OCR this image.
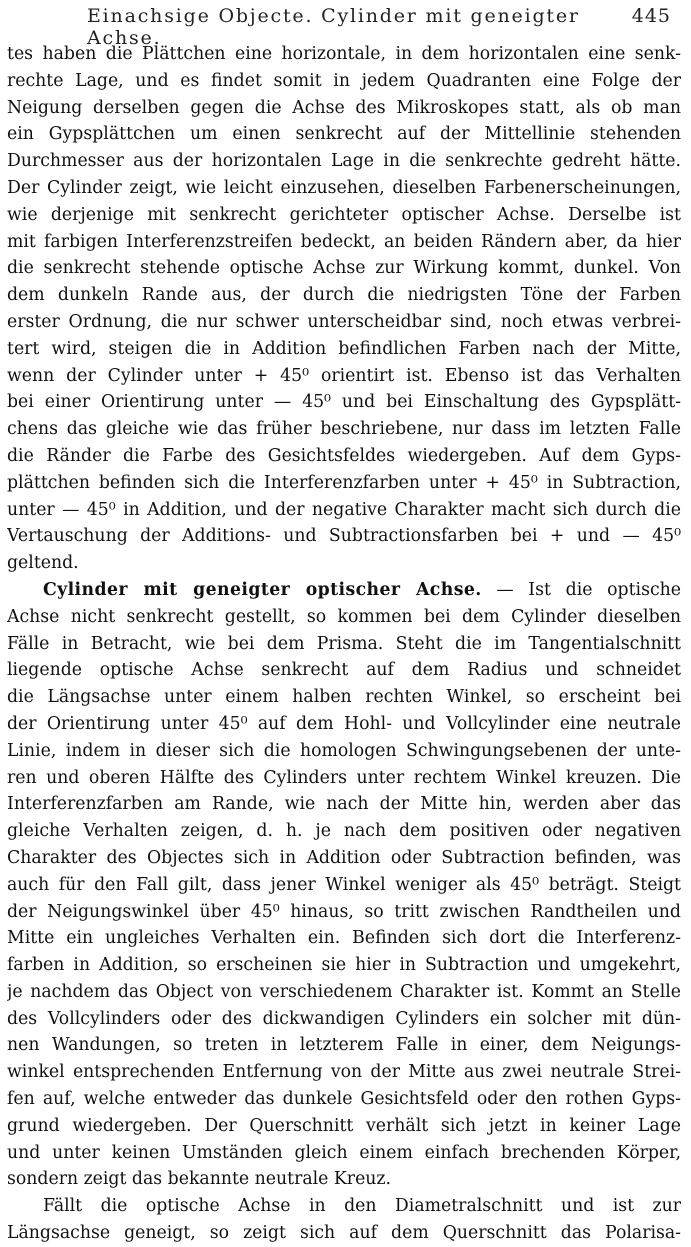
Einachsige Objecte. Cylinder mit geneigter Achse.
445

tes haben die Plättchen eine horizontale, in dem horizontalen eine senk-
rechte Lage, und es findet somit in jedem Quadranten eine Folge der
Neigung derselben gegen die Achse des Mikroskopes statt, als ob man
ein Gypsplättchen um einen senkrecht auf der Mittellinie stehenden
Durchmesser aus der horizontalen Lage in die senkrechte gedreht hätte.
Der Cylinder zeigt, wie leicht einzusehen, dieselben Farbenerscheinungen,
wie derjenige mit senkrecht gerichteter optischer Achse. Derselbe ist
mit farbigen Interferenzstreifen bedeckt, an beiden Rändern aber, da hier
die senkrecht stehende optische Achse zur Wirkung kommt, dunkel. Von
dem dunkeln Rande aus, der durch die niedrigsten Töne der Farben
erster Ordnung, die nur schwer unterscheidbar sind, noch etwas verbrei-
tert wird, steigen die in Addition befindlichen Farben nach der Mitte,
wenn der Cylinder unter + 45⁰ orientirt ist. Ebenso ist das Verhalten
bei einer Orientirung unter — 45⁰ und bei Einschaltung des Gypsplätt-
chens das gleiche wie das früher beschriebene, nur dass im letzten Falle
die Ränder die Farbe des Gesichtsfeldes wiedergeben. Auf dem Gyps-
plättchen befinden sich die Interferenzfarben unter + 45⁰ in Subtraction,
unter — 45⁰ in Addition, und der negative Charakter macht sich durch die
Vertauschung der Additions- und Subtractionsfarben bei + und — 45⁰
geltend.

Cylinder mit geneigter optischer Achse. — Ist die optische
Achse nicht senkrecht gestellt, so kommen bei dem Cylinder dieselben
Fälle in Betracht, wie bei dem Prisma. Steht die im Tangentialschnitt
liegende optische Achse senkrecht auf dem Radius und schneidet
die Längsachse unter einem halben rechten Winkel, so erscheint bei
der Orientirung unter 45⁰ auf dem Hohl- und Vollcylinder eine neutrale
Linie, indem in dieser sich die homologen Schwingungsebenen der unte-
ren und oberen Hälfte des Cylinders unter rechtem Winkel kreuzen. Die
Interferenzfarben am Rande, wie nach der Mitte hin, werden aber das
gleiche Verhalten zeigen, d. h. je nach dem positiven oder negativen
Charakter des Objectes sich in Addition oder Subtraction befinden, was
auch für den Fall gilt, dass jener Winkel weniger als 45⁰ beträgt. Steigt
der Neigungswinkel über 45⁰ hinaus, so tritt zwischen Randtheilen und
Mitte ein ungleiches Verhalten ein. Befinden sich dort die Interferenz-
farben in Addition, so erscheinen sie hier in Subtraction und umgekehrt,
je nachdem das Object von verschiedenem Charakter ist. Kommt an Stelle
des Vollcylinders oder des dickwandigen Cylinders ein solcher mit dün-
nen Wandungen, so treten in letzterem Falle in einer, dem Neigungs-
winkel entsprechenden Entfernung von der Mitte aus zwei neutrale Strei-
fen auf, welche entweder das dunkele Gesichtsfeld oder den rothen Gyps-
grund wiedergeben. Der Querschnitt verhält sich jetzt in keiner Lage
und unter keinen Umständen gleich einem einfach brechenden Körper,
sondern zeigt das bekannte neutrale Kreuz.

Fällt die optische Achse in den Diametralschnitt und ist zur
Längsachse geneigt, so zeigt sich auf dem Querschnitt das Polarisa-
